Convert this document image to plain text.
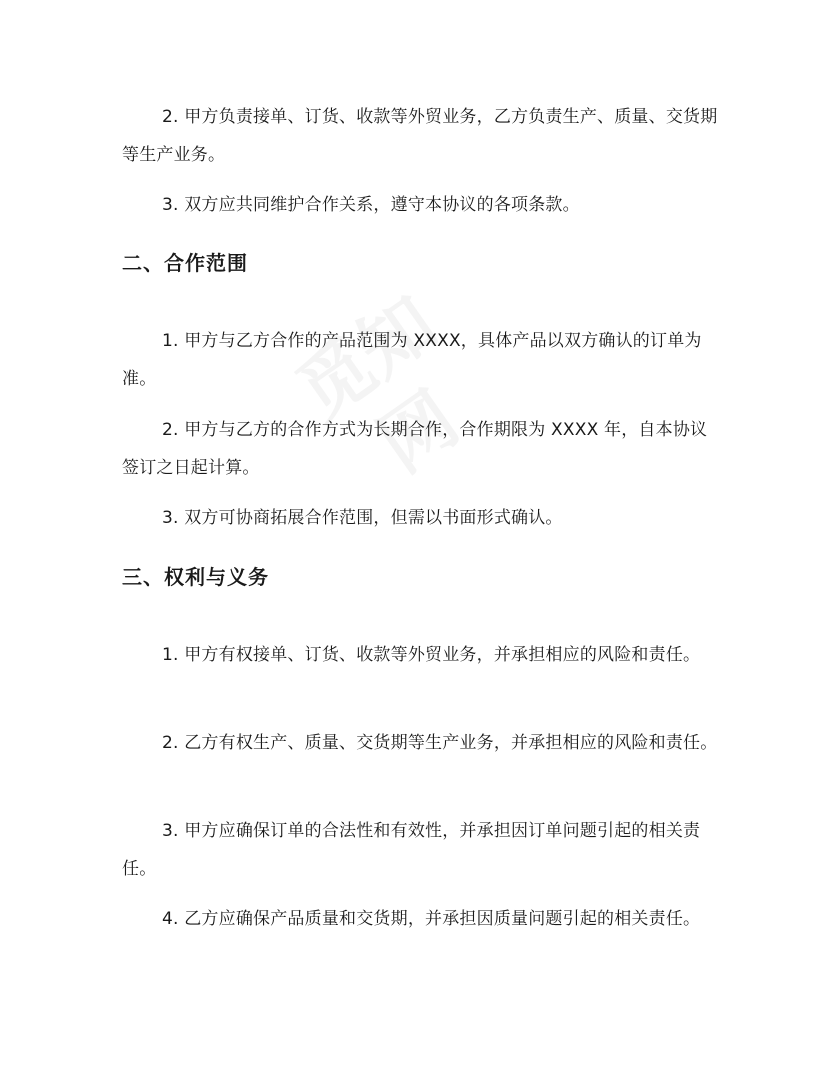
2. 甲方负责接单、订货、收款等外贸业务，乙方负责生产、质量、交货期等生产业务。

3. 双方应共同维护合作关系，遵守本协议的各项条款。

二、合作范围

1. 甲方与乙方合作的产品范围为 XXXX，具体产品以双方确认的订单为准。

2. 甲方与乙方的合作方式为长期合作，合作期限为 XXXX 年，自本协议签订之日起计算。

3. 双方可协商拓展合作范围，但需以书面形式确认。

三、权利与义务

1. 甲方有权接单、订货、收款等外贸业务，并承担相应的风险和责任。

2. 乙方有权生产、质量、交货期等生产业务，并承担相应的风险和责任。

3. 甲方应确保订单的合法性和有效性，并承担因订单问题引起的相关责任。

4. 乙方应确保产品质量和交货期，并承担因质量问题引起的相关责任。
